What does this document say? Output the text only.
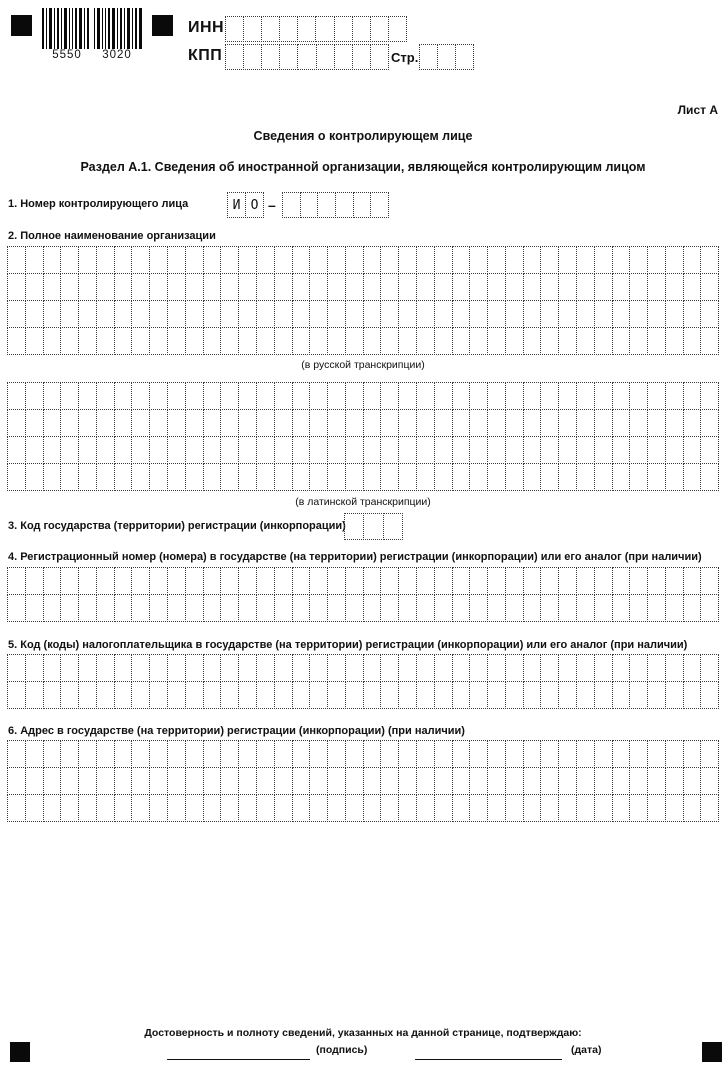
5550 3020
ИНН
КПП	Стр.
Лист А
Сведения о контролирующем лице
Раздел А.1. Сведения об иностранной организации, являющейся контролирующим лицом
1. Номер контролирующего лица	И О –
2. Полное наименование организации
(в русской транскрипции)
(в латинской транскрипции)
3. Код государства (территории) регистрации (инкорпорации)
4. Регистрационный номер (номера) в государстве (на территории) регистрации (инкорпорации) или его аналог (при наличии)
5. Код (коды) налогоплательщика в государстве (на территории) регистрации (инкорпорации) или его аналог (при наличии)
6. Адрес в государстве (на территории) регистрации (инкорпорации) (при наличии)
Достоверность и полноту сведений, указанных на данной странице, подтверждаю:
(подпись)	(дата)
